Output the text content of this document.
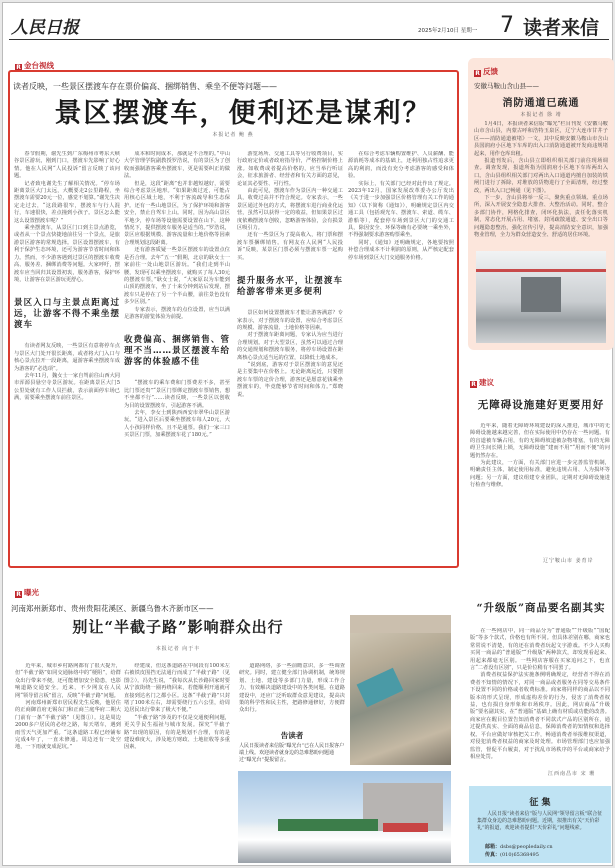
人民日报	2025年2月10日 星期一 7 读者来信
R 金台视线
读者反映，一些景区摆渡车存在票价偏高、捆绑销售、乘坐不便等问题——
景区摆渡车，便利还是谋利？
本报记者 鲍 燕

春节假期，谢先生到广东梅州市粤东大峡谷景区游玩，刚到门口，摆渡车先影响了好心情。他在人民网“人民投诉”留言反映了该问题。

记者致电谢先生了解相关情况。“停车场距离景区大门太远，大概要走2公里路程，坐摆渡车需要20元一位，感觉不划算。”谢先生决定走过去，“这段路很窄，摆渡车与行人混行，车速很快，差点撞到小孩子。景区怎么能这么设置摆渡车呢？”

乘坐摆渡车，从景区门口到主景点游览，或者从一个景点快捷地前往另一个景点，是旅游景区游客的常规选择。景区设置摆渡车，有利于保护生态环境，还可为游客节省时间和体力。然而，不少游客遇到过景区的摆渡车收费高、服务差、捆绑消费等问题。大家呼吁，摆渡车应当回归其设置初衷，服务游客，保护环境，让游客在景区游玩更舒心。

景区入口与主景点距离过远，让游客不得不乘坐摆渡车

有读者网友反映，一些景区有意将停车点与景区大门处开很长距离，或者将大门入口与核心景点拉开一段距离，逼游客乘坐摆渡车成为游客的“必选项”。

去年11月，魏女士一家自驾前往山西大同市浑源县悬空寺景区游玩。在距离景区大门5公里处就有工作人员拦截，表示前面停车场已满，需要乘坐摆渡车前往景区。

成本和时间成本，那就是不合理的。”中山大学管理学院副教授罗浩说，有的景区为了创收而强制游客乘坐摆渡车，更是需要纠正的做法。

但是，这段“距离”也并非越短越好，需要综合考虑景区地形。“如果距离过近，可能占用核心区域土地，不利于客流疏导和生态保护。还有一些山地景区，为了保护环境和游客安全，禁止自驾车上山。同时，因为高山景区平地少，停车场等设施需要设置在山下，这种情况下，提供摆渡车服务是适当的。”罗浩说，景区应根据规模、游客流量和土地价格等因素合理规划这段距离。

还有游客质疑一些景区摆渡车的设置点位是否合理。去年“五一”假期，北京的耿女士一家前往一处山地景区游玩。“我们走到半山腰，发现可以乘坐摆渡车，就购买了每人30元的摆渡车票，”耿女士说，“大家原以为车能到山顶的摆渡车，坐了十来分钟到站后发现，摆渡车只是停在了另一个半山腰，前往景色没有多少区别。”

专家表示，摆渡车的点位设置，应当以满足游客的游览体验为前提。

收费偏高、捆绑销售、管理不当……景区摆渡车给游客的体验感不佳

“摆渡车的乘车费和门票费差不多，甚至比门票还贵”“景区门票绑定摆渡车票销售，想不坐都不行”……读者反映，一些景区以创收为目的设置摆渡车，引起游客不满。

去年，李女士到陕西西安市翠华山景区游玩。“进入景区后要乘坐摆渡车每人20元，大人小孩同样价格，且不是通票。我们一家三口买景区门票，加乘摆渡车花了180元。”

游览场所、交通工具等另行收费项目，实行政府定价或者政府指导价，严格控制价格上涨。如收费或者提高价格的，应当举行听证会，征求旅游者、经营者和有关方面的意见，论证其必要性、可行性。

由此可见，摆渡车作为景区内一种交通工具，收费过高并不符合规定。专家表示，一些景区通过外包的方式，将摆渡车进行商业化运营，虽然可以获得一定的收益，但如果景区过度依赖摆渡车创收，忽略游客体验，会有损景区吸引力。

还有一些景区为了提高收入，将门票和摆渡车票捆绑销售。有网友在人民网“人民投诉”反映，某景区门票必须与摆渡车票一起购买。

提升服务水平，让摆渡车给游客带来更多便利

景区如何设置摆渡车才能让游客满意？专家表示，对于摆渡车的设置，应综合考虑景区的规模、游客流量、土地价格等因素。

对于摆渡车距离问题，专家认为应当进行合理规划。对于大型景区，虽然可以通过合理的交通规划和摆渡车服务，将停车场设置在距离核心景点适当远的位置，以降低土地成本。

“说到底，游客对于景区摆渡车的意见还是主要集中在价格上。无论距离远近，只要摆渡车车票的定价合理，游客还是愿意花钱乘坐摆渡车的，毕竟能够节省时间和体力。”郑晓说。

在综合考虑车辆购置维护、人员薪酬、能源消耗等成本的基础上，还利用独占性追求更高的利润，而没有充分考虑游客的感受和体验。

实际上，有关部门已经对此作出了规定。2023年12月，国家发展改革委办公厅发出《关于进一步加强景区价格管理有关工作的通知》（以下简称《通知》），明确规定景区内交通工具（包括观光车、摆渡车、索道、缆车、游船等），配套停车场到景区大门的交通工具，除因安全、环保等确有必要统一乘坐外，不得强制要求游客购票乘坐。

同时，《通知》还明确规定，各地要按照补偿合理成本不计利润的原则，从严核定配套停车场到景区大门交通服务价格。

R 反馈
安徽马鞍山含山县——
消防通道已疏通
本报记者 徐 靖

1月4日，本报读者来信版“曝光”栏目刊发《安徽马鞍山市含山县，内蒙古呼和浩特玉泉区，辽宁大连市甘井子区——消防通道被堵》一文，其中反映安徽马鞍山市含山县国润府小区地下车库的出入口消防通道被开发商违规堵起来，用作仓库出租。

报道刊发后，含山县立即组织相关部门前往现场调查。调查发现，报道所指为国润府小区地下车库两出入口。含山县组织相关部门对两出入口通道内擅自加装的铁闸门进行了拆除，对堆放的货物进行了全面清理，经过整改，两出入口已畅通（见下图）。

下一步，含山县将举一反三，聚焦重点领域、重点场所，深入开展安全隐患大排查、大整治活动。同时，整合多部门协作，网格化排查，闭环化执法，责任化落实机制，常态化开展占用、堵塞、封闭疏散通道、安全出口等问题隐患整治，强化宣传引导，提高消防安全意识，加强物业管理，全力为群众营造安全、舒适的居住环境。

R 建议
无障碍设施建好更要用好

近年来，随着无障碍环境建设的深入推进，城市中的无障碍设施越来越完善，但在实际使用中仍存在一些问题。有的盲道被车辆占用，有的无障碍坡道被杂物堵塞，有的无障碍卫生间长期上锁，无障碍设施“建而不用”“用而不便”的问题仍然存在。

为此建议，一方面，有关部门应进一步完善监管机制，明确责任主体，制定使用标准，避免违规占用、人为损坏等问题；另一方面，建议组建专业团队，定期对无障碍设施进行检查与维修。

辽宁鞍山市 姜育岸
R 曝光
河南郑州新郑市、贵州贵阳花溪区、新疆乌鲁木齐新市区——
别让“半截子路”影响群众出行
本报记者 向于丰

近年来，城市乡村路网都有了很大提升，但“半截子路”如同交通脉络中的“梗阻”，给群众出行带来不便，还可能增加安全隐患，也影响道路交通安全。近来，不少网友在人民网“领导留言板”留言，反映“半截子路”问题。

河南郑州新郑市居民程先生反映，他居住的正商御首府无锡东门和正商兰庭华府二期大门前有一条“半截子路”（见图①）。这是周边2000多户居民的必经之路，每天堵车，遇到雨雪天气更加严重。“这条道路工程已经铺布完成4年了，一直未修通。周边还有一处空地，一下雨就变成泥坑。”

经建成，但这条道路在中间段有100米左右被铁皮围挡无法通行而成了“半截子路”（见图②）。冯先生说，“我每次从长沙路回家时要从宁波街绕一圈再绕回来，若能顺利开通就可直接到达名门之都小区。这条“半截子路”只封堵了100米左右，却需要绕行五六公里，给周边居民出行带来了极大不便。”

“半截子路”涉及的不仅是交通便利问题，更关乎民生福祉与城市发展。探究“半截子路”出现的原因，有的是规划不合理，有的是建设难度大，涉及地方财政、土地征收等多重因素。

道路网络，多一些前瞻意识，多一些调查研究。同时，建立健全部门协调机制，统筹规划、土地、建设等多部门力量，形成工作合力，有效解决道路建设中的各类问题。在道路建设中，还应广泛听取群众意见建议，提高决策的科学性和民主性，把路修通修好，方便群众出行。

告读者
人民日报读者来信版“曝光台”已在人民日报客户端上线。欢迎读者就身边的急难愁盼问题通过“曝光台”提报留言。
“升级版”商品要名副其实

在一些网店中，同一商品分为“普通版”“升级版”“国配版”等多个款式，价格也有所不同。但具体差别在哪，商家也常常说不清楚，有的还在消费者玩起文字游戏。不少人买购买同一商品的“普通版”“升级版”两种款式，却发现看起来、用起来都毫无区别。一些网店客服在买家追问之下，也直言“二者没有区别”，只是价位稍有不同罢了。

消费者权益保护法实施条例明确规定，经营者不得在消费者不知情的情况下，对同一商品或者服务在同等交易条件下设置不同的价格或者收费标准。商家将同样的商品以不同版本的形式呈现，形成虚构差价的行为，侵害了消费者权益，也有损自身形象和市场秩序。因此，网店商品“升级版”要名副其实，在“普通版”基础上确有材质或功能的改善。商家应在醒目位置告知消费者不同款式产品的区别所在，通过提供真实、全面的商品信息，保障消费者的知情权和选择权。平台应做好审核把关工作，畅通消费者举报维权渠道，对侵犯消费者权益的商家及时处理。市场管理部门也应加强监管，督促平台履责，对于扰乱市场秩序的平台或商家给予相应处罚。

江西南昌市 宋 珊
征 集
人民日报“读者来信”版与人民网“领导留言板”联合征集群众身边的急难愁盼问题。近期，拟推出有关“天价彩礼”的报道，欢迎读者提供“天价彩礼”问题线索。
邮箱：dsbs@peopledaily.cn
传真：(010)65368495
